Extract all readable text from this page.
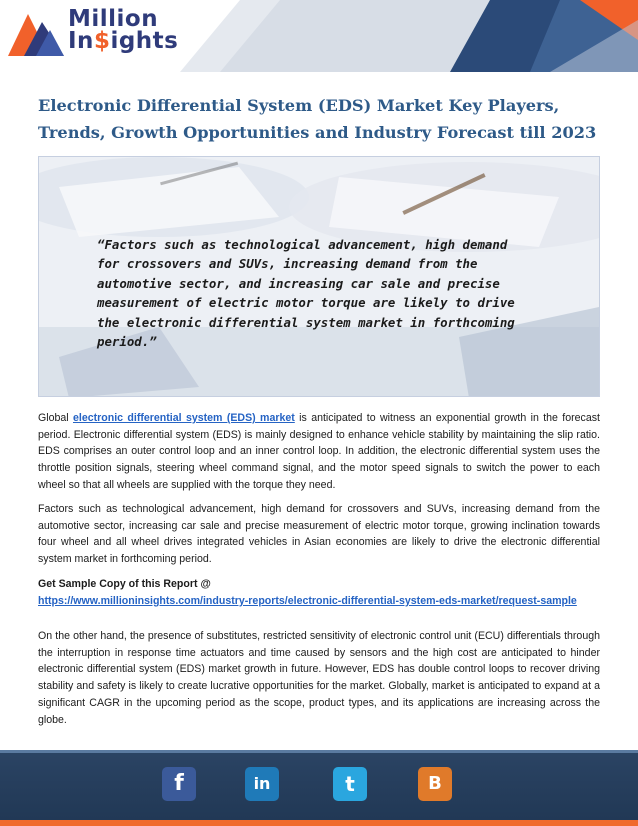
Million
In$ights
Electronic Differential System (EDS) Market Key Players, Trends, Growth Opportunities and Industry Forecast till 2023
“Factors such as technological advancement, high demand for crossovers and SUVs, increasing demand from the automotive sector, and increasing car sale and precise measurement of electric motor torque are likely to drive the electronic differential system market in forthcoming period.”
Global electronic differential system (EDS) market is anticipated to witness an exponential growth in the forecast period. Electronic differential system (EDS) is mainly designed to enhance vehicle stability by maintaining the slip ratio. EDS comprises an outer control loop and an inner control loop. In addition, the electronic differential system uses the throttle position signals, steering wheel command signal, and the motor speed signals to switch the power to each wheel so that all wheels are supplied with the torque they need.
Factors such as technological advancement, high demand for crossovers and SUVs, increasing demand from the automotive sector, increasing car sale and precise measurement of electric motor torque, growing inclination towards four wheel and all wheel drives integrated vehicles in Asian economies are likely to drive the electronic differential system market in forthcoming period.
Get Sample Copy of this Report @
https://www.millioninsights.com/industry-reports/electronic-differential-system-eds-market/request-sample
On the other hand, the presence of substitutes, restricted sensitivity of electronic control unit (ECU) differentials through the interruption in response time actuators and time caused by sensors and the high cost are anticipated to hinder electronic differential system (EDS) market growth in future. However, EDS has double control loops to recover driving stability and safety is likely to create lucrative opportunities for the market. Globally, market is anticipated to expand at a significant CAGR in the upcoming period as the scope, product types, and its applications are increasing across the globe.
f	in	t	B
